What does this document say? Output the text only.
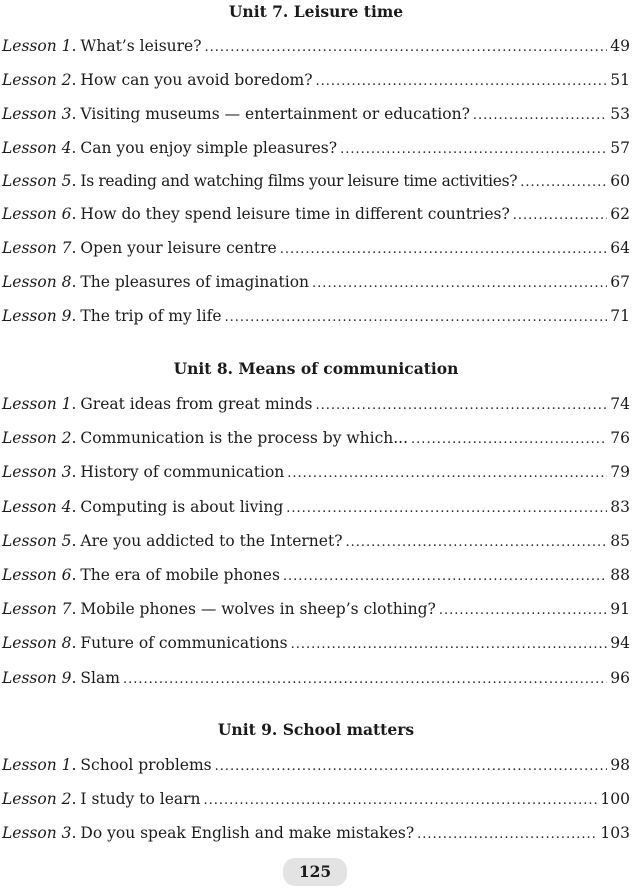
Unit 7. Leisure time
Lesson 1 . What’s leisure? .....	49
Lesson 2 . How can you avoid boredom? .....	51
Lesson 3 . Visiting museums — entertainment or education? .....	53
Lesson 4 . Can you enjoy simple pleasures? .....	57
Lesson 5 . Is reading and watching films your leisure time activities? .....	60
Lesson 6 . How do they spend leisure time in different countries? .....	62
Lesson 7 . Open your leisure centre .....	64
Lesson 8 . The pleasures of imagination .....	67
Lesson 9 . The trip of my life .....	71
Unit 8. Means of communication
Lesson 1 . Great ideas from great minds .....	74
Lesson 2 . Communication is the process by which... .....	76
Lesson 3 . History of communication .....	79
Lesson 4 . Computing is about living .....	83
Lesson 5 . Are you addicted to the Internet? .....	85
Lesson 6 . The era of mobile phones .....	88
Lesson 7 . Mobile phones — wolves in sheep’s clothing? .....	91
Lesson 8 . Future of communications .....	94
Lesson 9 . Slam .....	96
Unit 9. School matters
Lesson 1 . School problems .....	98
Lesson 2 . I study to learn .....	100
Lesson 3 . Do you speak English and make mistakes? .....	103
125
